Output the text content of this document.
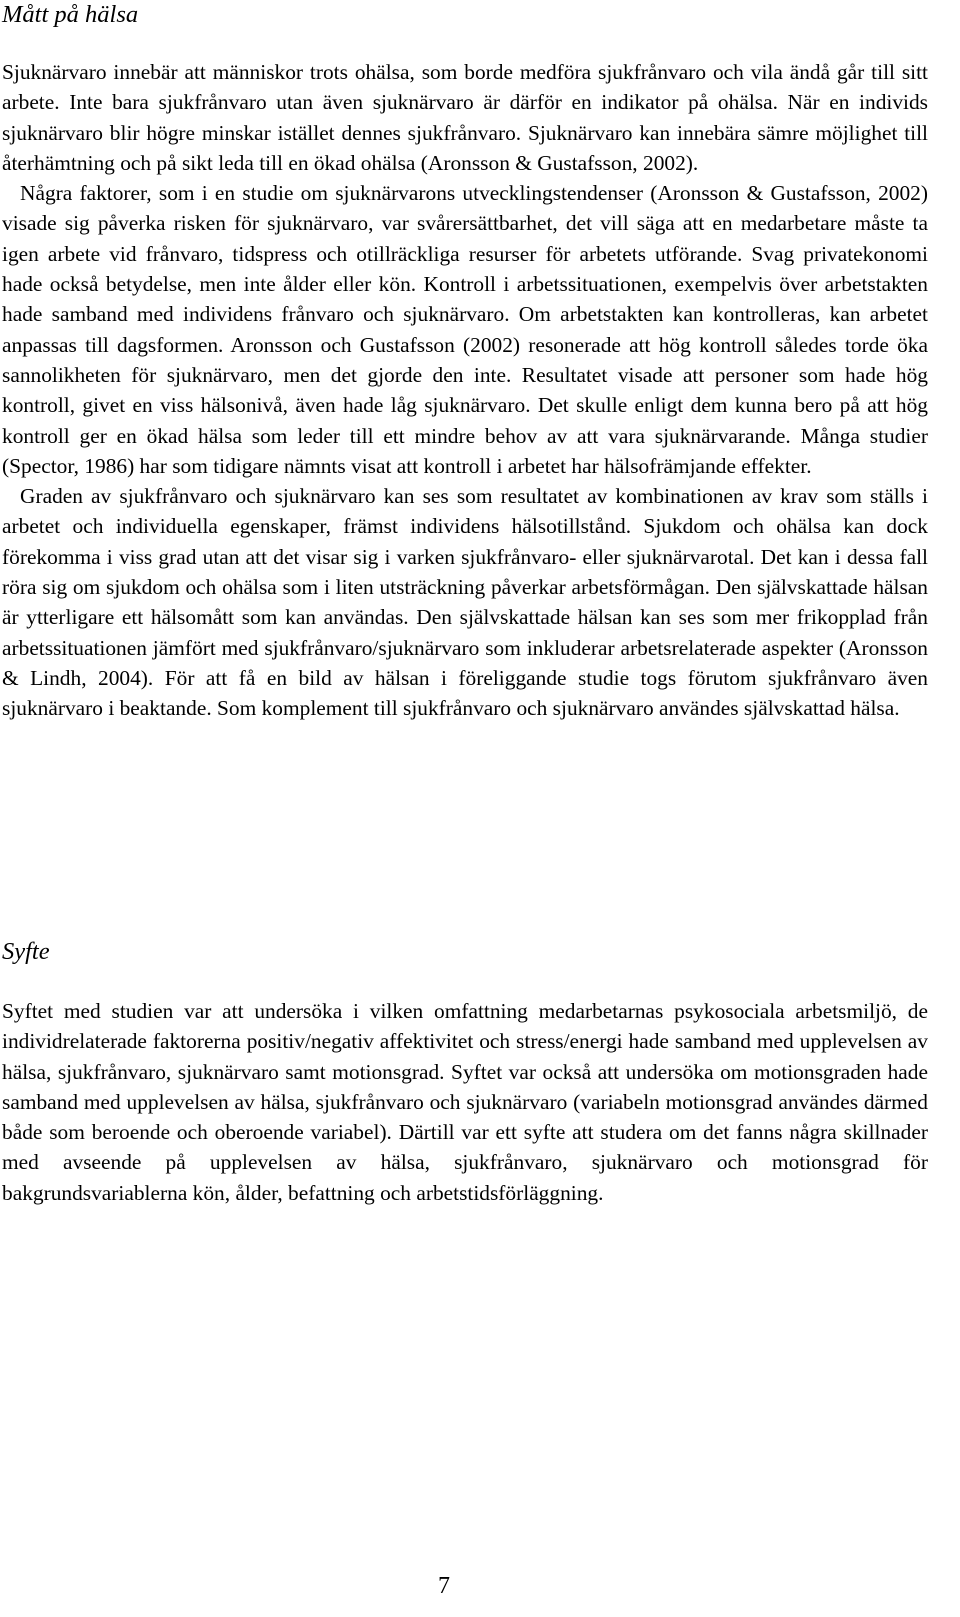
Mått på hälsa

Sjuknärvaro innebär att människor trots ohälsa, som borde medföra sjukfrånvaro och vila ändå går till sitt arbete. Inte bara sjukfrånvaro utan även sjuknärvaro är därför en indikator på ohälsa. När en individs sjuknärvaro blir högre minskar istället dennes sjukfrånvaro. Sjuknärvaro kan innebära sämre möjlighet till återhämtning och på sikt leda till en ökad ohälsa (Aronsson & Gustafsson, 2002).

Några faktorer, som i en studie om sjuknärvarons utvecklingstendenser (Aronsson & Gustafsson, 2002) visade sig påverka risken för sjuknärvaro, var svårersättbarhet, det vill säga att en medarbetare måste ta igen arbete vid frånvaro, tidspress och otillräckliga resurser för arbetets utförande. Svag privatekonomi hade också betydelse, men inte ålder eller kön. Kontroll i arbetssituationen, exempelvis över arbetstakten hade samband med individens frånvaro och sjuknärvaro. Om arbetstakten kan kontrolleras, kan arbetet anpassas till dagsformen. Aronsson och Gustafsson (2002) resonerade att hög kontroll således torde öka sannolikheten för sjuknärvaro, men det gjorde den inte. Resultatet visade att personer som hade hög kontroll, givet en viss hälsonivå, även hade låg sjuknärvaro. Det skulle enligt dem kunna bero på att hög kontroll ger en ökad hälsa som leder till ett mindre behov av att vara sjuknärvarande. Många studier (Spector, 1986) har som tidigare nämnts visat att kontroll i arbetet har hälsofrämjande effekter.

Graden av sjukfrånvaro och sjuknärvaro kan ses som resultatet av kombinationen av krav som ställs i arbetet och individuella egenskaper, främst individens hälsotillstånd. Sjukdom och ohälsa kan dock förekomma i viss grad utan att det visar sig i varken sjukfrånvaro- eller sjuknärvarotal. Det kan i dessa fall röra sig om sjukdom och ohälsa som i liten utsträckning påverkar arbetsförmågan. Den självskattade hälsan är ytterligare ett hälsomått som kan användas. Den självskattade hälsan kan ses som mer frikopplad från arbetssituationen jämfört med sjukfrånvaro/sjuknärvaro som inkluderar arbetsrelaterade aspekter (Aronsson & Lindh, 2004). För att få en bild av hälsan i föreliggande studie togs förutom sjukfrånvaro även sjuknärvaro i beaktande. Som komplement till sjukfrånvaro och sjuknärvaro användes självskattad hälsa.

Syfte

Syftet med studien var att undersöka i vilken omfattning medarbetarnas psykosociala arbetsmiljö, de individrelaterade faktorerna positiv/negativ affektivitet och stress/energi hade samband med upplevelsen av hälsa, sjukfrånvaro, sjuknärvaro samt motionsgrad. Syftet var också att undersöka om motionsgraden hade samband med upplevelsen av hälsa, sjukfrånvaro och sjuknärvaro (variabeln motionsgrad användes därmed både som beroende och oberoende variabel). Därtill var ett syfte att studera om det fanns några skillnader med avseende på upplevelsen av hälsa, sjukfrånvaro, sjuknärvaro och motionsgrad för bakgrundsvariablerna kön, ålder, befattning och arbetstidsförläggning.

7
